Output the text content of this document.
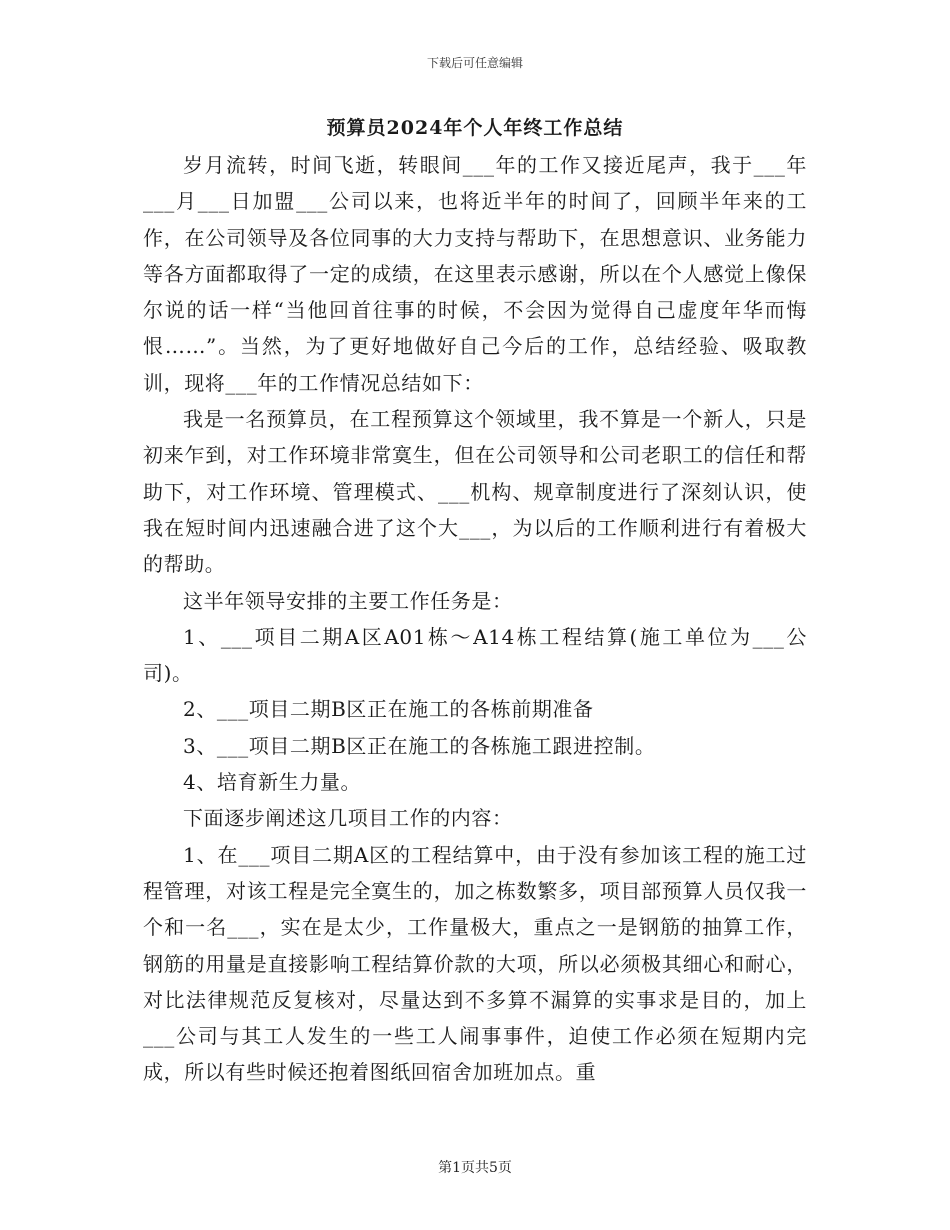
下载后可任意编辑
预算员2024年个人年终工作总结

岁月流转，时间飞逝，转眼间___年的工作又接近尾声，我于___年___月___日加盟___公司以来，也将近半年的时间了，回顾半年来的工作，在公司领导及各位同事的大力支持与帮助下，在思想意识、业务能力等各方面都取得了一定的成绩，在这里表示感谢，所以在个人感觉上像保尔说的话一样“当他回首往事的时候，不会因为觉得自己虚度年华而悔恨……”。当然，为了更好地做好自己今后的工作，总结经验、吸取教训，现将___年的工作情况总结如下：

我是一名预算员，在工程预算这个领域里，我不算是一个新人，只是初来乍到，对工作环境非常寞生，但在公司领导和公司老职工的信任和帮助下，对工作环境、管理模式、___机构、规章制度进行了深刻认识，使我在短时间内迅速融合进了这个大___，为以后的工作顺利进行有着极大的帮助。

这半年领导安排的主要工作任务是：

1、___项目二期A区A01栋～A14栋工程结算(施工单位为___公司)。

2、___项目二期B区正在施工的各栋前期准备

3、___项目二期B区正在施工的各栋施工跟进控制。

4、培育新生力量。

下面逐步阐述这几项目工作的内容：

1、在___项目二期A区的工程结算中，由于没有参加该工程的施工过程管理，对该工程是完全寞生的，加之栋数繁多，项目部预算人员仅我一个和一名___，实在是太少，工作量极大，重点之一是钢筋的抽算工作，钢筋的用量是直接影响工程结算价款的大项，所以必须极其细心和耐心，对比法律规范反复核对，尽量达到不多算不漏算的实事求是目的，加上___公司与其工人发生的一些工人闹事事件，迫使工作必须在短期内完成，所以有些时候还抱着图纸回宿舍加班加点。重

第1页共5页
